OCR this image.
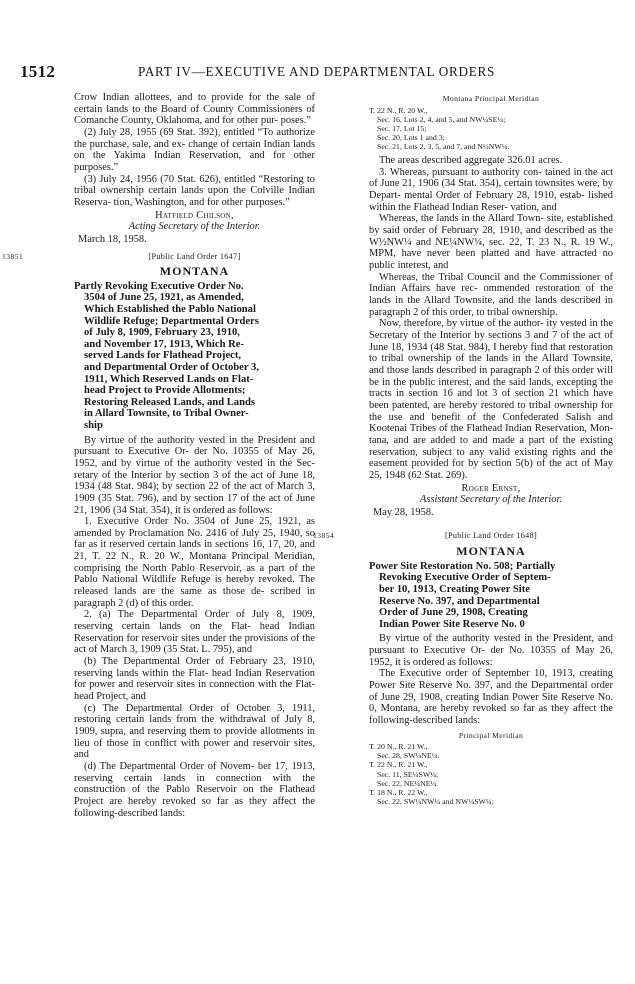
1512	PART IV—EXECUTIVE AND DEPARTMENTAL ORDERS

Crow Indian allottees, and to provide for the sale of certain lands to the Board of County Commissioners of Comanche County, Oklahoma, and for other pur- poses.”

(2) July 28, 1955 (69 Stat. 392), entitled “To authorize the purchase, sale, and ex- change of certain Indian lands on the Yakima Indian Reservation, and for other purposes.”

(3) July 24, 1956 (70 Stat. 626), entitled “Restoring to tribal ownership certain lands upon the Colville Indian Reserva- tion, Washington, and for other purposes.”

Hatfield Chilson,

Acting Secretary of the Interior.

March 18, 1958.

13851	[Public Land Order 1647]

MONTANA

Partly Revoking Executive Order No.
3504 of June 25, 1921, as Amended,
Which Established the Pablo National
Wildlife Refuge; Departmental Orders
of July 8, 1909, February 23, 1910,
and November 17, 1913, Which Re-
served Lands for Flathead Project,
and Departmental Order of October 3,
1911, Which Reserved Lands on Flat-
head Project to Provide Allotments;
Restoring Released Lands, and Lands
in Allard Townsite, to Tribal Owner-
ship

By virtue of the authority vested in the President and pursuant to Executive Or- der No. 10355 of May 26, 1952, and by virtue of the authority vested in the Sec- retary of the Interior by section 3 of the act of June 18, 1934 (48 Stat. 984); by section 22 of the act of March 3, 1909 (35 Stat. 796), and by section 17 of the act of June 21, 1906 (34 Stat. 354), it is ordered as follows:

1. Executive Order No. 3504 of June 25, 1921, as amended by Proclamation No. 2416 of July 25, 1940, so far as it reserved certain lands in sections 16, 17, 20, and 21, T. 22 N., R. 20 W., Montana Principal Meridian, comprising the North Pablo Reservoir, as a part of the Pablo National Wildlife Refuge is hereby revoked. The released lands are the same as those de- scribed in paragraph 2 (d) of this order.

2. (a) The Departmental Order of July 8, 1909, reserving certain lands on the Flat- head Indian Reservation for reservoir sites under the provisions of the act of March 3, 1909 (35 Stat. L. 795), and

(b) The Departmental Order of February 23, 1910, reserving lands within the Flat- head Indian Reservation for power and reservoir sites in connection with the Flat- head Project, and

(c) The Departmental Order of October 3, 1911, restoring certain lands from the withdrawal of July 8, 1909, supra, and reserving them to provide allotments in lieu of those in conflict with power and reservoir sites, and

(d) The Departmental Order of Novem- ber 17, 1913, reserving certain lands in connection with the construction of the Pablo Reservoir on the Flathead Project are hereby revoked so far as they affect the following-described lands:

Montana Principal Meridian

T. 22 N., R. 20 W.,
Sec. 16, Lots 2, 4, and 5, and NW¼SE¼;
Sec. 17, Lot 15;
Sec. 20, Lots 1 and 3;
Sec. 21, Lots 2, 3, 5, and 7, and N½NW¼.

The areas described aggregate 326.01 acres.

3. Whereas, pursuant to authority con- tained in the act of June 21, 1906 (34 Stat. 354), certain townsites were, by Depart- mental Order of February 28, 1910, estab- lished within the Flathead Indian Reser- vation, and

Whereas, the lands in the Allard Town- site, established by said order of February 28, 1910, and described as the W½NW¼ and NE¼NW¼, sec. 22, T. 23 N., R. 19 W., MPM, have never been platted and have attracted no public interest, and

Whereas, the Tribal Council and the Commissioner of Indian Affairs have rec- ommended restoration of the lands in the Allard Townsite, and the lands described in paragraph 2 of this order, to tribal ownership.

Now, therefore, by virtue of the author- ity vested in the Secretary of the Interior by sections 3 and 7 of the act of June 18, 1934 (48 Stat. 984), I hereby find that restoration to tribal ownership of the lands in the Allard Townsite, and those lands described in paragraph 2 of this order will be in the public interest, and the said lands, excepting the tracts in section 16 and lot 3 of section 21 which have been patented, are hereby restored to tribal ownership for the use and benefit of the Confederated Salish and Kootenai Tribes of the Flathead Indian Reservation, Mon- tana, and are added to and made a part of the existing reservation, subject to any valid existing rights and the easement provided for by section 5(b) of the act of May 25, 1948 (62 Stat. 269).

Roger Ernst,

Assistant Secretary of the Interior.

May 28, 1958.

13854	[Public Land Order 1648]

MONTANA

Power Site Restoration No. 508; Partially
Revoking Executive Order of Septem-
ber 10, 1913, Creating Power Site
Reserve No. 397, and Departmental
Order of June 29, 1908, Creating
Indian Power Site Reserve No. 0

By virtue of the authority vested in the President, and pursuant to Executive Or- der No. 10355 of May 26, 1952, it is ordered as follows:

The Executive order of September 10, 1913, creating Power Site Reserve No. 397, and the Departmental order of June 29, 1908, creating Indian Power Site Reserve No. 0, Montana, are hereby revoked so far as they affect the following-described lands:

Principal Meridian

T. 20 N., R. 21 W.,
Sec. 28, SW¼NE¼.
T. 22 N., R. 21 W.,
Sec. 11, SE¼SW¼;
Sec. 22, NE¼NE¼.
T. 18 N., R. 22 W.,
Sec. 22, SW¼NW¼ and NW¼SW¼;
